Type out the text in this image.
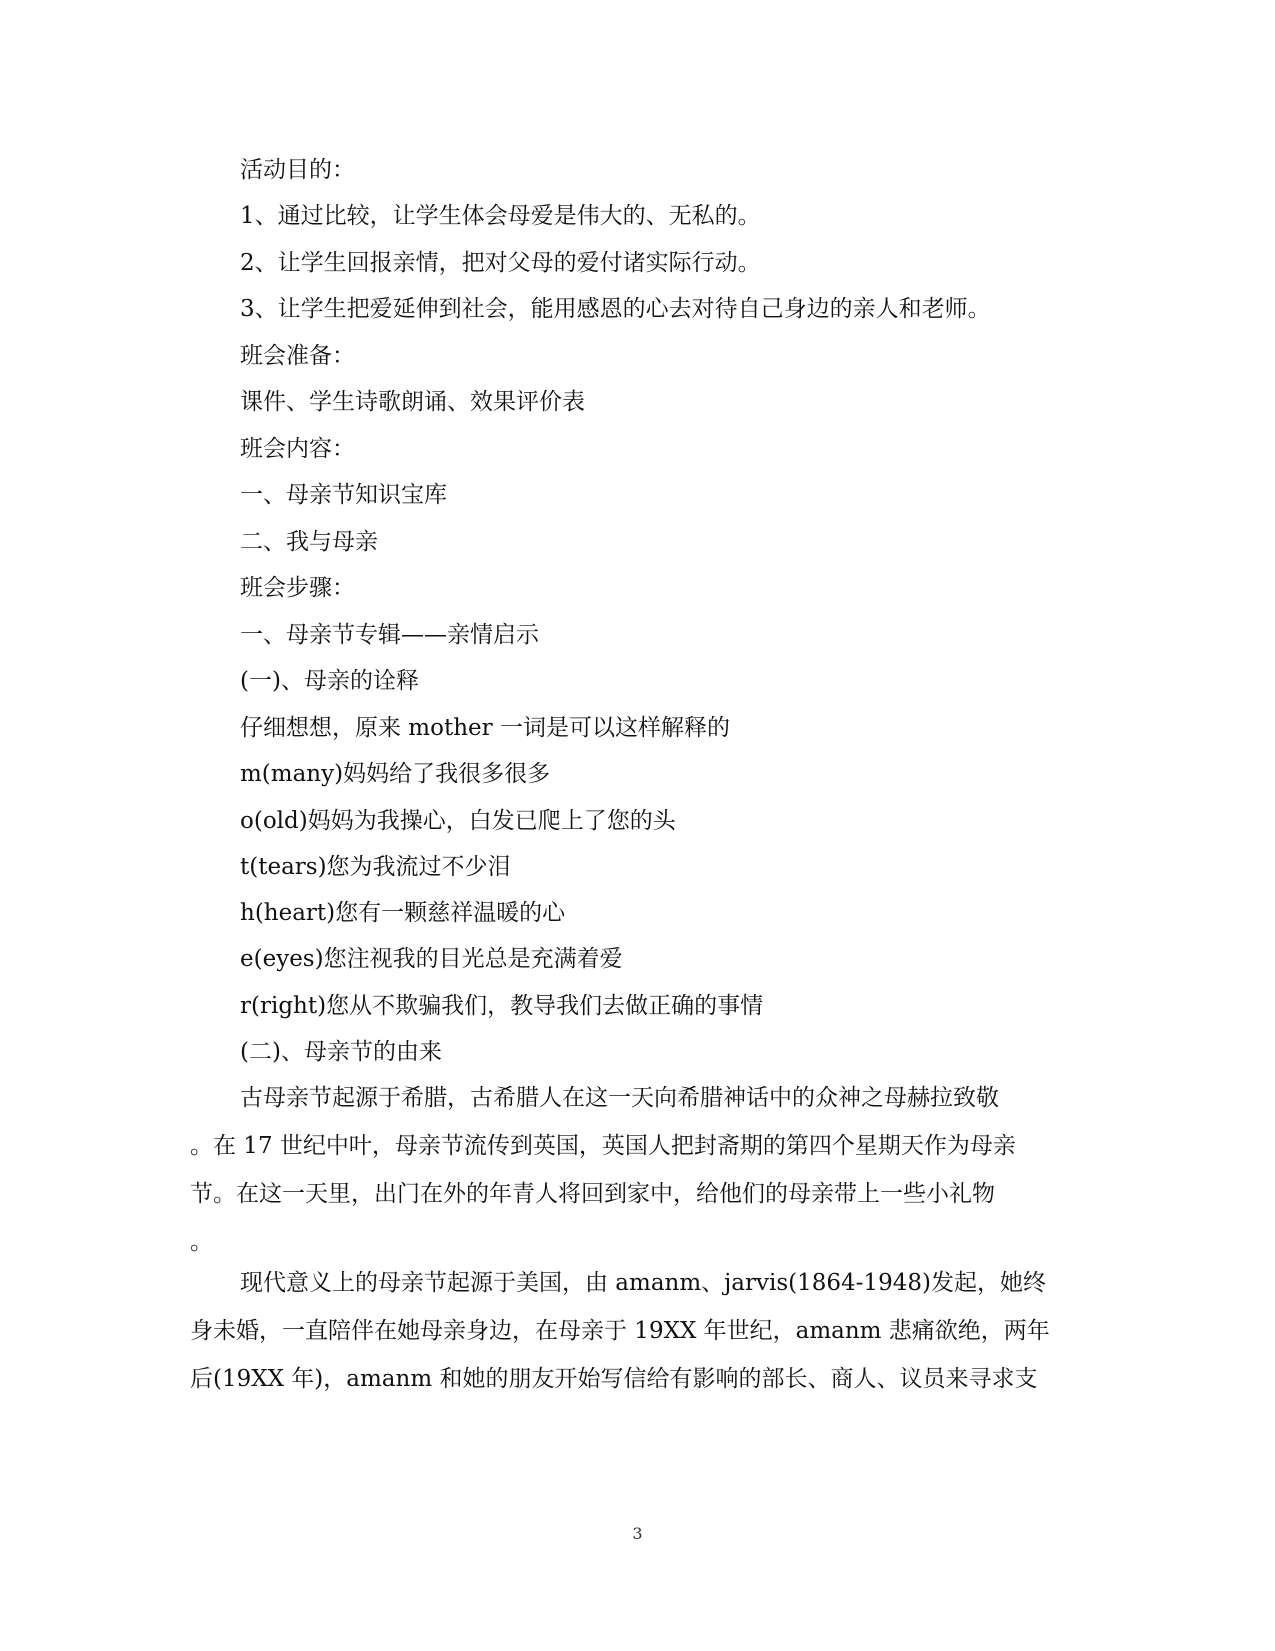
活动目的：
1、通过比较，让学生体会母爱是伟大的、无私的。
2、让学生回报亲情，把对父母的爱付诸实际行动。
3、让学生把爱延伸到社会，能用感恩的心去对待自己身边的亲人和老师。
班会准备：
课件、学生诗歌朗诵、效果评价表
班会内容：
一、母亲节知识宝库
二、我与母亲
班会步骤：
一、母亲节专辑——亲情启示
(一)、母亲的诠释
仔细想想，原来 mother 一词是可以这样解释的
m(many)妈妈给了我很多很多
o(old)妈妈为我操心，白发已爬上了您的头
t(tears)您为我流过不少泪
h(heart)您有一颗慈祥温暖的心
e(eyes)您注视我的目光总是充满着爱
r(right)您从不欺骗我们，教导我们去做正确的事情
(二)、母亲节的由来
古母亲节起源于希腊，古希腊人在这一天向希腊神话中的众神之母赫拉致敬
。在 17 世纪中叶，母亲节流传到英国，英国人把封斋期的第四个星期天作为母亲
节。在这一天里，出门在外的年青人将回到家中，给他们的母亲带上一些小礼物
。
现代意义上的母亲节起源于美国，由 amanm、jarvis(1864-1948)发起，她终
身未婚，一直陪伴在她母亲身边，在母亲于 19XX 年世纪，amanm 悲痛欲绝，两年
后(19XX 年)，amanm 和她的朋友开始写信给有影响的部长、商人、议员来寻求支
3
